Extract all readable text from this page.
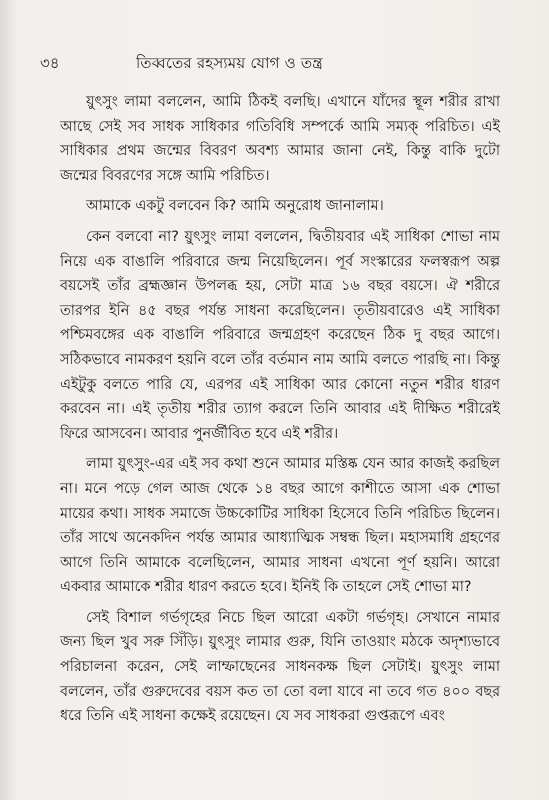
৩৪	তিব্বতের রহস্যময় যোগ ও তন্ত্র

য়ুৎসুং লামা বললেন, আমি ঠিকই বলছি। এখানে যাঁদের স্থূল শরীর রাখা আছে সেই সব সাধক সাধিকার গতিবিধি সম্পর্কে আমি সম্যক্‌ পরিচিত। এই সাধিকার প্রথম জন্মের বিবরণ অবশ্য আমার জানা নেই, কিন্তু বাকি দুটো জন্মের বিবরণের সঙ্গে আমি পরিচিত।

আমাকে একটু বলবেন কি? আমি অনুরোধ জানালাম।

কেন বলবো না? য়ুৎসুং লামা বললেন, দ্বিতীয়বার এই সাধিকা শোভা নাম নিয়ে এক বাঙালি পরিবারে জন্ম নিয়েছিলেন। পূর্ব সংস্কারের ফলস্বরূপ অল্প বয়সেই তাঁর ব্রহ্মজ্ঞান উপলব্ধ হয়, সেটা মাত্র ১৬ বছর বয়সে। ঐ শরীরে তারপর ইনি ৪৫ বছর পর্যন্ত সাধনা করেছিলেন। তৃতীয়বারেও এই সাধিকা পশ্চিমবঙ্গের এক বাঙালি পরিবারে জন্মগ্রহণ করেছেন ঠিক দু বছর আগে। সঠিকভাবে নামকরণ হয়নি বলে তাঁর বর্তমান নাম আমি বলতে পারছি না। কিন্তু এইটুকু বলতে পারি যে, এরপর এই সাধিকা আর কোনো নতুন শরীর ধারণ করবেন না। এই তৃতীয় শরীর ত্যাগ করলে তিনি আবার এই দীক্ষিত শরীরেই ফিরে আসবেন। আবার পুনর্জীবিত হবে এই শরীর।

লামা য়ুৎসুং-এর এই সব কথা শুনে আমার মস্তিষ্ক যেন আর কাজই করছিল না। মনে পড়ে গেল আজ থেকে ১৪ বছর আগে কাশীতে আসা এক শোভা মায়ের কথা। সাধক সমাজে উচ্চকোটির সাধিকা হিসেবে তিনি পরিচিত ছিলেন। তাঁর সাথে অনেকদিন পর্যন্ত আমার আধ্যাত্মিক সম্বন্ধ ছিল। মহাসমাধি গ্রহণের আগে তিনি আমাকে বলেছিলেন, আমার সাধনা এখনো পূর্ণ হয়নি। আরো একবার আমাকে শরীর ধারণ করতে হবে। ইনিই কি তাহলে সেই শোভা মা?

সেই বিশাল গর্ভগৃহের নিচে ছিল আরো একটা গর্ভগৃহ। সেখানে নামার জন্য ছিল খুব সরু সিঁড়ি। য়ুৎসুং লামার গুরু, যিনি তাওয়াং মঠকে অদৃশ্যভাবে পরিচালনা করেন, সেই লাম্ফাছেনের সাধনকক্ষ ছিল সেটাই। য়ুৎসুং লামা বললেন, তাঁর গুরুদেবের বয়স কত তা তো বলা যাবে না তবে গত ৪০০ বছর ধরে তিনি এই সাধনা কক্ষেই রয়েছেন। যে সব সাধকরা গুপ্তরূপে এবং
